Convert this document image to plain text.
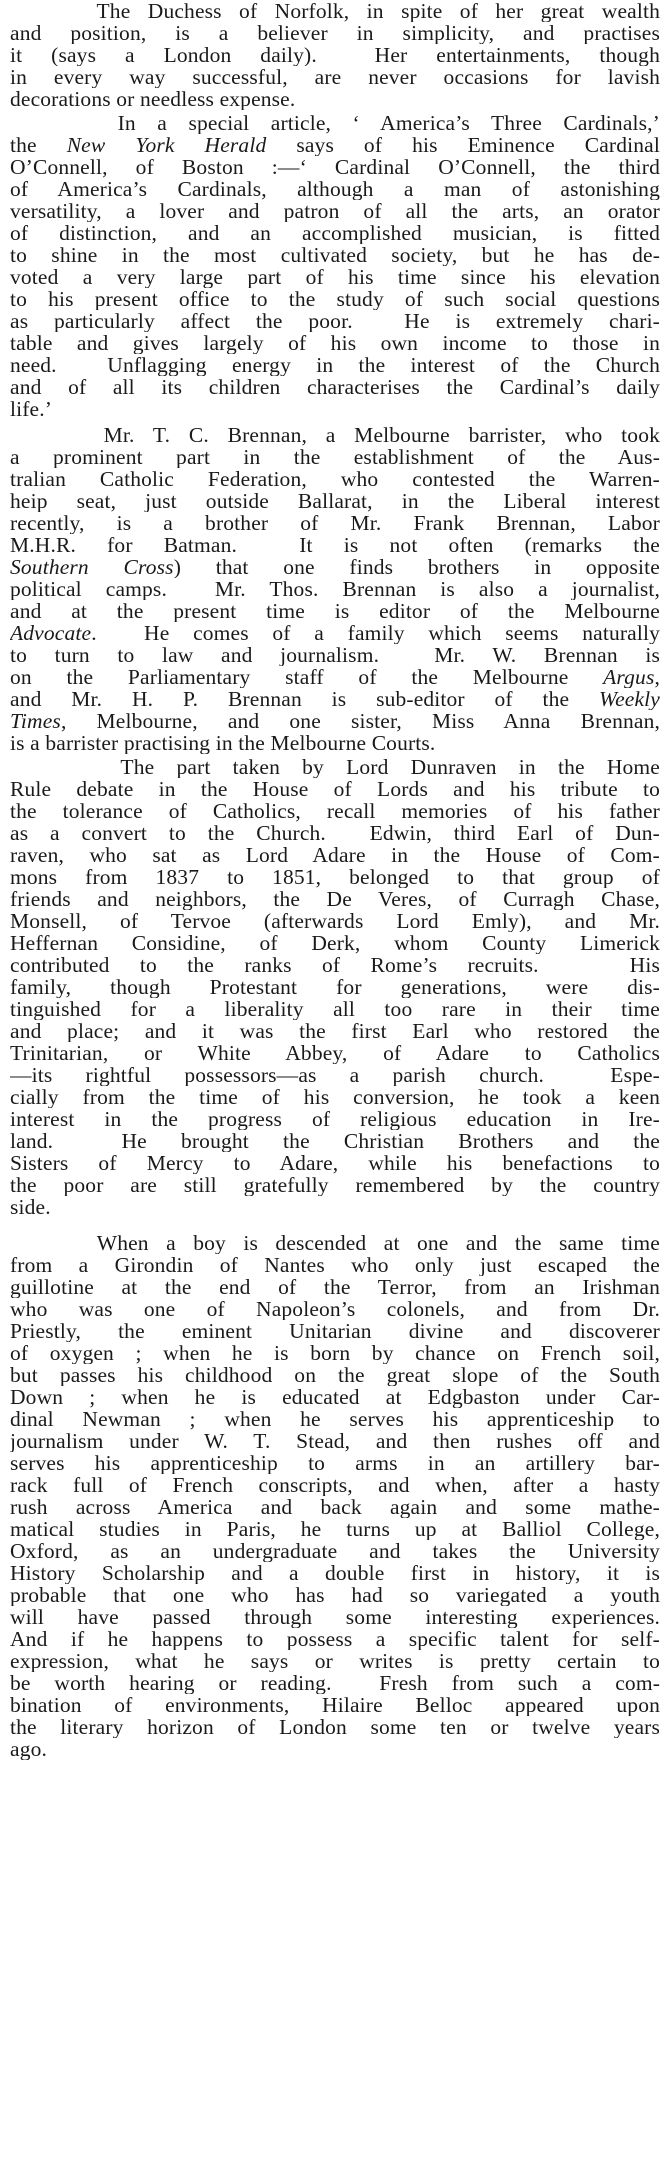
The Duchess of Norfolk, in spite of her great wealth
and position, is a believer in simplicity, and practises
it (says a London daily).  Her entertainments, though
in every way successful, are never occasions for lavish
decorations or needless expense.
In a special article, ‘ America’s Three Cardinals,’
the New York Herald says of his Eminence Cardinal
O’Connell, of Boston :—‘ Cardinal O’Connell, the third
of America’s Cardinals, although a man of astonishing
versatility, a lover and patron of all the arts, an orator
of distinction, and an accomplished musician, is fitted
to shine in the most cultivated society, but he has de-
voted a very large part of his time since his elevation
to his present office to the study of such social questions
as particularly affect the poor.  He is extremely chari-
table and gives largely of his own income to those in
need.  Unflagging energy in the interest of the Church
and of all its children characterises the Cardinal’s daily
life.’
Mr. T. C. Brennan, a Melbourne barrister, who took
a prominent part in the establishment of the Aus-
tralian Catholic Federation, who contested the Warren-
heip seat, just outside Ballarat, in the Liberal interest
recently, is a brother of Mr. Frank Brennan, Labor
M.H.R. for Batman.  It is not often (remarks the
Southern Cross) that one finds brothers in opposite
political camps.  Mr. Thos. Brennan is also a journalist,
and at the present time is editor of the Melbourne
Advocate.  He comes of a family which seems naturally
to turn to law and journalism.  Mr. W. Brennan is
on the Parliamentary staff of the Melbourne Argus,
and Mr. H. P. Brennan is sub-editor of the Weekly
Times, Melbourne, and one sister, Miss Anna Brennan,
is a barrister practising in the Melbourne Courts.
The part taken by Lord Dunraven in the Home
Rule debate in the House of Lords and his tribute to
the tolerance of Catholics, recall memories of his father
as a convert to the Church.  Edwin, third Earl of Dun-
raven, who sat as Lord Adare in the House of Com-
mons from 1837 to 1851, belonged to that group of
friends and neighbors, the De Veres, of Curragh Chase,
Monsell, of Tervoe (afterwards Lord Emly), and Mr.
Heffernan Considine, of Derk, whom County Limerick
contributed to the ranks of Rome’s recruits.   His
family, though Protestant for generations, were dis-
tinguished for a liberality all too rare in their time
and place; and it was the first Earl who restored the
Trinitarian, or White Abbey, of Adare to Catholics
—its rightful possessors—as a parish church.  Espe-
cially from the time of his conversion, he took a keen
interest in the progress of religious education in Ire-
land.  He brought the Christian Brothers and the
Sisters of Mercy to Adare, while his benefactions to
the poor are still gratefully remembered by the country
side.
When a boy is descended at one and the same time
from a Girondin of Nantes who only just escaped the
guillotine at the end of the Terror, from an Irishman
who was one of Napoleon’s colonels, and from Dr.
Priestly, the eminent Unitarian divine and discoverer
of oxygen ; when he is born by chance on French soil,
but passes his childhood on the great slope of the South
Down ; when he is educated at Edgbaston under Car-
dinal Newman ; when he serves his apprenticeship to
journalism under W. T. Stead, and then rushes off and
serves his apprenticeship to arms in an artillery bar-
rack full of French conscripts, and when, after a hasty
rush across America and back again and some mathe-
matical studies in Paris, he turns up at Balliol College,
Oxford, as an undergraduate and takes the University
History Scholarship and a double first in history, it is
probable that one who has had so variegated a youth
will have passed through some interesting experiences.
And if he happens to possess a specific talent for self-
expression, what he says or writes is pretty certain to
be worth hearing or reading.  Fresh from such a com-
bination of environments, Hilaire Belloc appeared upon
the literary horizon of London some ten or twelve years
ago.
